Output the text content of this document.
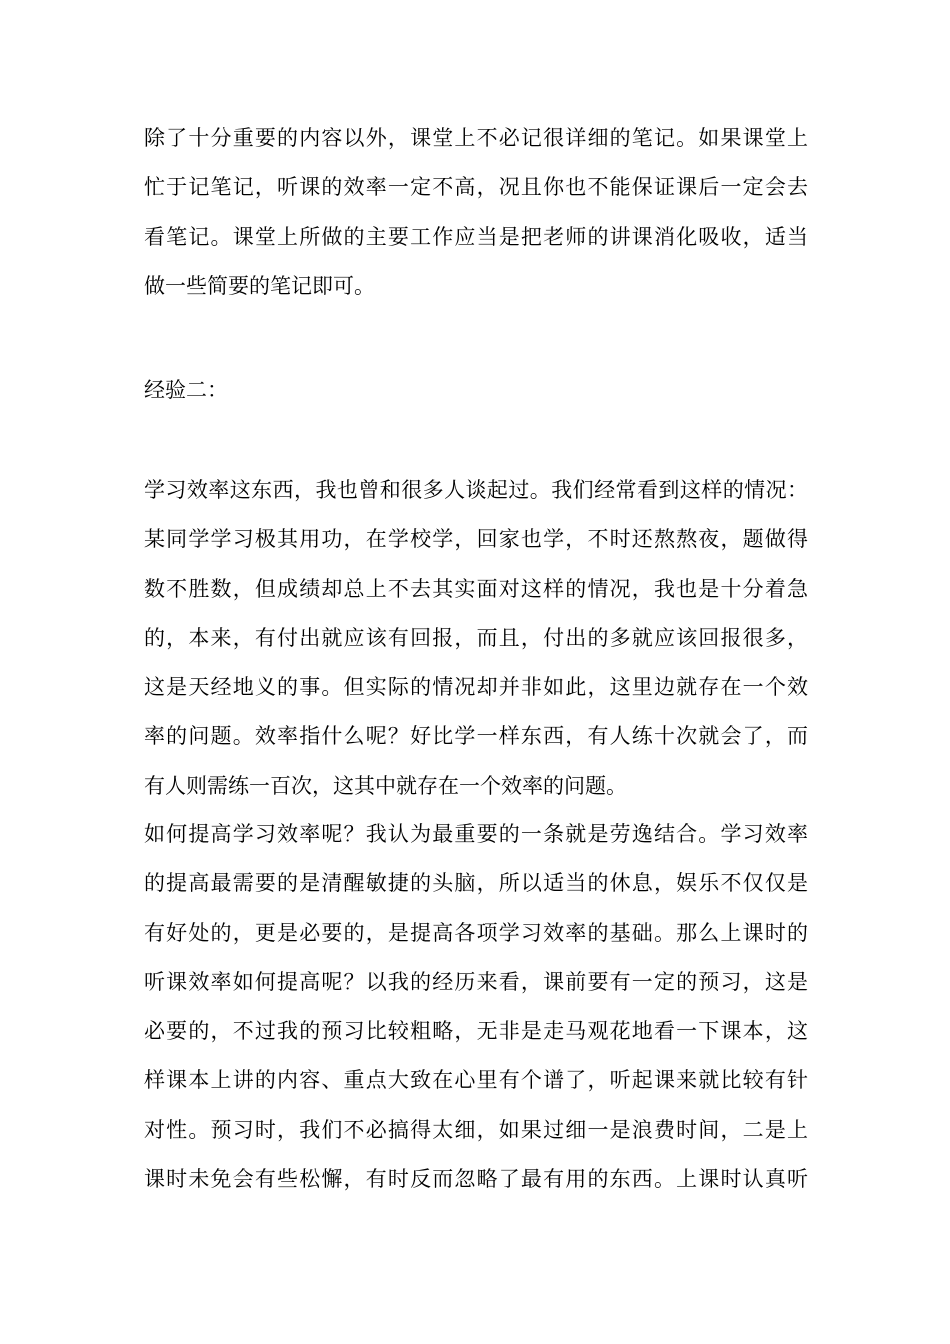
除了十分重要的内容以外，课堂上不必记很详细的笔记。如果课堂上
忙于记笔记，听课的效率一定不高，况且你也不能保证课后一定会去
看笔记。课堂上所做的主要工作应当是把老师的讲课消化吸收，适当
做一些简要的笔记即可。
经验二：
学习效率这东西，我也曾和很多人谈起过。我们经常看到这样的情况：
某同学学习极其用功，在学校学，回家也学，不时还熬熬夜，题做得
数不胜数，但成绩却总上不去其实面对这样的情况，我也是十分着急
的，本来，有付出就应该有回报，而且，付出的多就应该回报很多，
这是天经地义的事。但实际的情况却并非如此，这里边就存在一个效
率的问题。效率指什么呢？好比学一样东西，有人练十次就会了，而
有人则需练一百次，这其中就存在一个效率的问题。
如何提高学习效率呢？我认为最重要的一条就是劳逸结合。学习效率
的提高最需要的是清醒敏捷的头脑，所以适当的休息，娱乐不仅仅是
有好处的，更是必要的，是提高各项学习效率的基础。那么上课时的
听课效率如何提高呢？以我的经历来看，课前要有一定的预习，这是
必要的，不过我的预习比较粗略，无非是走马观花地看一下课本，这
样课本上讲的内容、重点大致在心里有个谱了，听起课来就比较有针
对性。预习时，我们不必搞得太细，如果过细一是浪费时间，二是上
课时未免会有些松懈，有时反而忽略了最有用的东西。上课时认真听
